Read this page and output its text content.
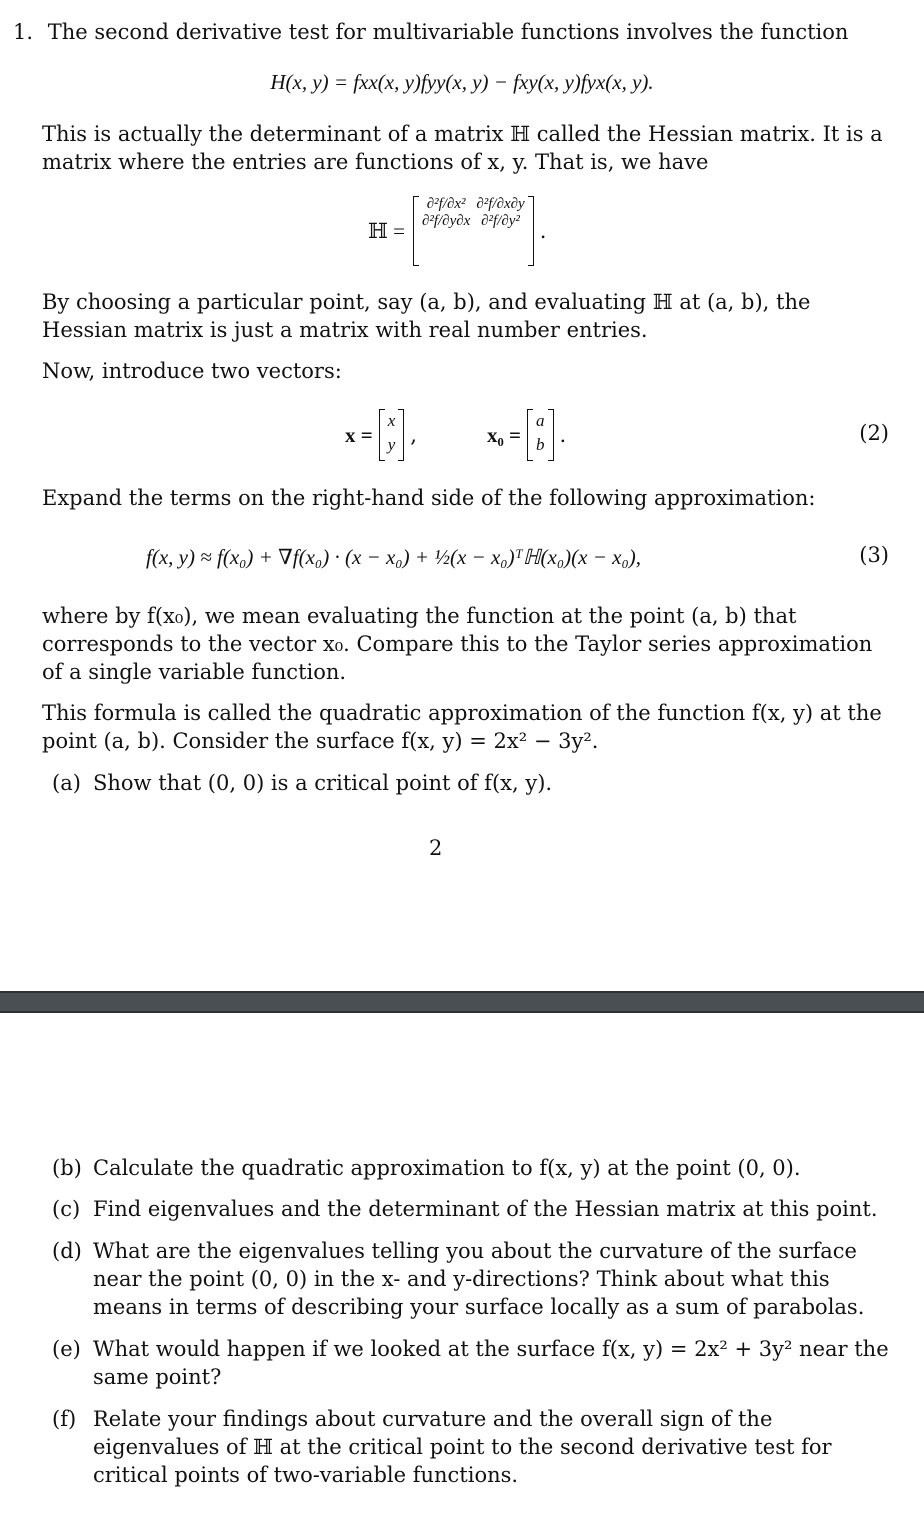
1. The second derivative test for multivariable functions involves the function
H(x, y) = fxx(x, y)fyy(x, y) − fxy(x, y)fyx(x, y).
This is actually the determinant of a matrix ℍ called the Hessian matrix. It is a matrix where the entries are functions of x, y. That is, we have
ℍ =
∂²f/∂x²	∂²f/∂x∂y
∂²f/∂y∂x	∂²f/∂y² .
By choosing a particular point, say (a, b), and evaluating ℍ at (a, b), the Hessian matrix is just a matrix with real number entries.
Now, introduce two vectors:
x =
x
y ,	x₀ =
a
b .	(2)
Expand the terms on the right-hand side of the following approximation:
f(x, y) ≈ f(x₀) + ∇f(x₀) · (x − x₀) + ½(x − x₀)ᵀℍ(x₀)(x − x₀),	(3)
where by f(x₀), we mean evaluating the function at the point (a, b) that corresponds to the vector x₀. Compare this to the Taylor series approximation of a single variable function.
This formula is called the quadratic approximation of the function f(x, y) at the point (a, b). Consider the surface f(x, y) = 2x² − 3y².
(a) Show that (0, 0) is a critical point of f(x, y).
2
(b) Calculate the quadratic approximation to f(x, y) at the point (0, 0).
(c) Find eigenvalues and the determinant of the Hessian matrix at this point.
(d) What are the eigenvalues telling you about the curvature of the surface near the point (0, 0) in the x- and y-directions? Think about what this means in terms of describing your surface locally as a sum of parabolas.
(e) What would happen if we looked at the surface f(x, y) = 2x² + 3y² near the same point?
(f) Relate your findings about curvature and the overall sign of the eigenvalues of ℍ at the critical point to the second derivative test for critical points of two-variable functions.
